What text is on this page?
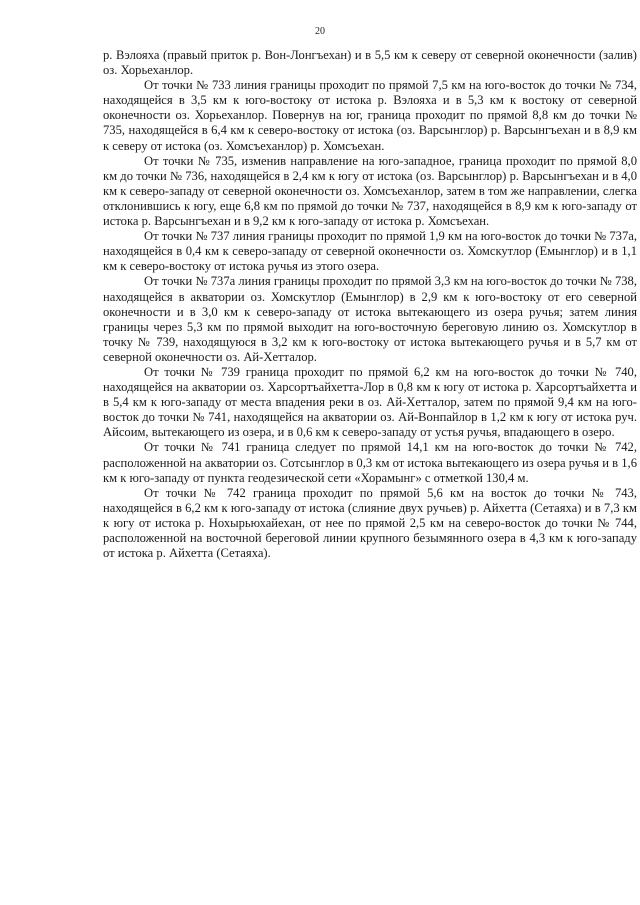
20

р. Вэлояха (правый приток р. Вон-Лонгъехан) и в 5,5 км к северу от северной оконечности (залив) оз. Хорьеханлор.

От точки № 733 линия границы проходит по прямой 7,5 км на юго-восток до точки № 734, находящейся в 3,5 км к юго-востоку от истока р. Вэлояха и в 5,3 км к востоку от северной оконечности оз. Хорьеханлор. Повернув на юг, граница проходит по прямой 8,8 км до точки № 735, находящейся в 6,4 км к северо-востоку от истока (оз. Варсынглор) р. Варсынгъехан и в 8,9 км к северу от истока (оз. Хомсъеханлор) р. Хомсъехан.

От точки № 735, изменив направление на юго-западное, граница проходит по прямой 8,0 км до точки № 736, находящейся в 2,4 км к югу от истока (оз. Варсынглор) р. Варсынгъехан и в 4,0 км к северо-западу от северной оконечности оз. Хомсъеханлор, затем в том же направлении, слегка отклонившись к югу, еще 6,8 км по прямой до точки № 737, находящейся в 8,9 км к юго-западу от истока р. Варсынгъехан и в 9,2 км к юго-западу от истока р. Хомсъехан.

От точки № 737 линия границы проходит по прямой 1,9 км на юго-восток до точки № 737а, находящейся в 0,4 км к северо-западу от северной оконечности оз. Хомскутлор (Емынглор) и в 1,1 км к северо-востоку от истока ручья из этого озера.

От точки № 737а линия границы проходит по прямой 3,3 км на юго-восток до точки № 738, находящейся в акватории оз. Хомскутлор (Емынглор) в 2,9 км к юго-востоку от его северной оконечности и в 3,0 км к северо-западу от истока вытекающего из озера ручья; затем линия границы через 5,3 км по прямой выходит на юго-восточную береговую линию оз. Хомскутлор в точку № 739, находящуюся в 3,2 км к юго-востоку от истока вытекающего ручья и в 5,7 км от северной оконечности оз. Ай-Хетталор.

От точки № 739 граница проходит по прямой 6,2 км на юго-восток до точки № 740, находящейся на акватории оз. Харсортъайхетта-Лор в 0,8 км к югу от истока р. Харсортъайхетта и в 5,4 км к юго-западу от места впадения реки в оз. Ай-Хетталор, затем по прямой 9,4 км на юго-восток до точки № 741, находящейся на акватории оз. Ай-Вонпайлор в 1,2 км к югу от истока руч. Айсоим, вытекающего из озера, и в 0,6 км к северо-западу от устья ручья, впадающего в озеро.

От точки № 741 граница следует по прямой 14,1 км на юго-восток до точки № 742, расположенной на акватории оз. Сотсынглор в 0,3 км от истока вытекающего из озера ручья и в 1,6 км к юго-западу от пункта геодезической сети «Хорамынг» с отметкой 130,4 м.

От точки № 742 граница проходит по прямой 5,6 км на восток до точки № 743, находящейся в 6,2 км к юго-западу от истока (слияние двух ручьев) р. Айхетта (Сетаяха) и в 7,3 км к югу от истока р. Нохырьюхайехан, от нее по прямой 2,5 км на северо-восток до точки № 744, расположенной на восточной береговой линии крупного безымянного озера в 4,3 км к юго-западу от истока р. Айхетта (Сетаяха).
